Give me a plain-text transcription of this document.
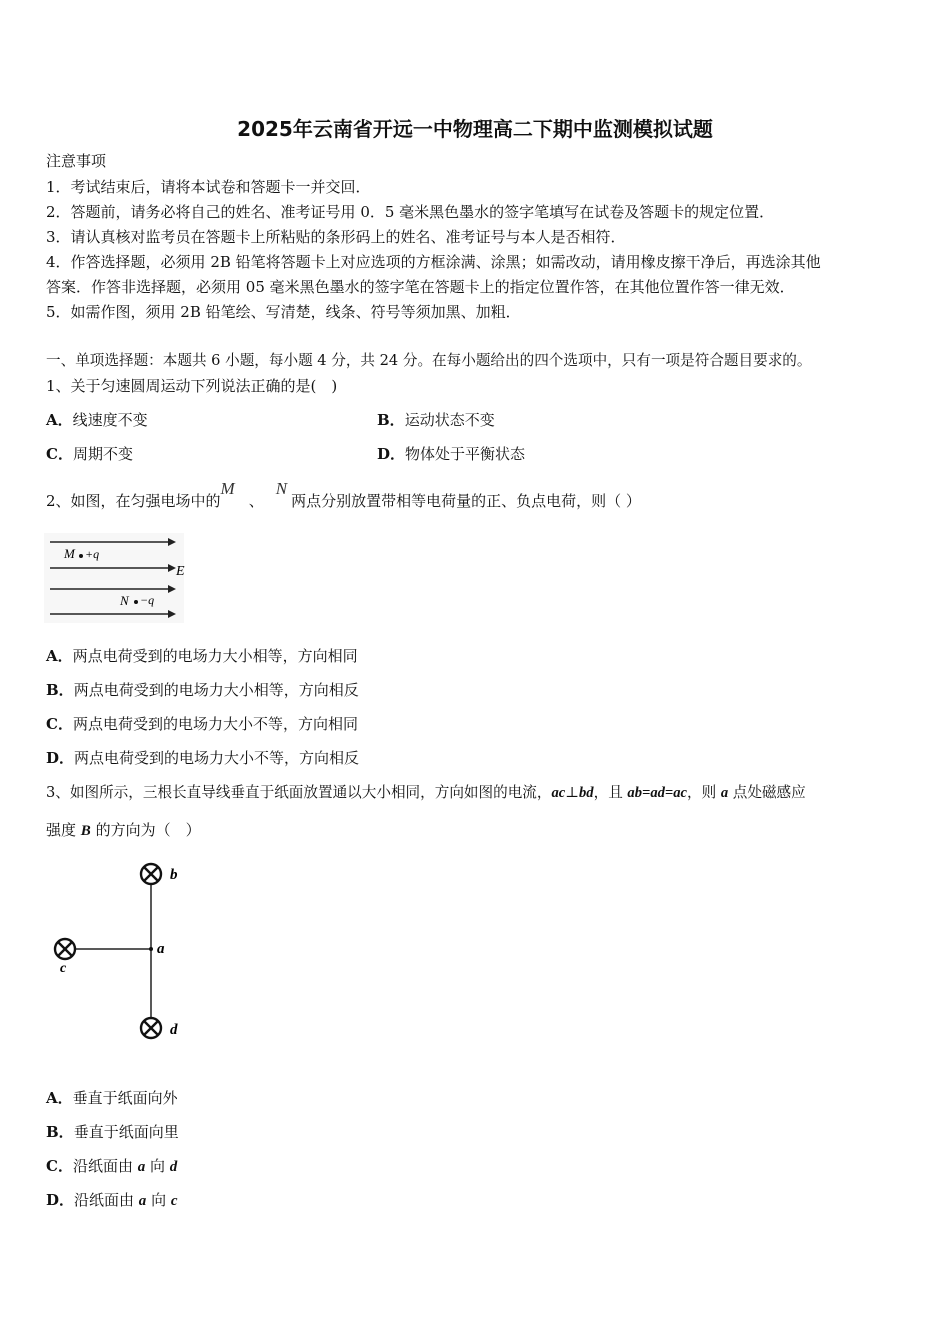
2025年云南省开远一中物理高二下期中监测模拟试题
注意事项
1．考试结束后，请将本试卷和答题卡一并交回．
2．答题前，请务必将自己的姓名、准考证号用 0．5 毫米黑色墨水的签字笔填写在试卷及答题卡的规定位置．
3．请认真核对监考员在答题卡上所粘贴的条形码上的姓名、准考证号与本人是否相符．
4．作答选择题，必须用 2B 铅笔将答题卡上对应选项的方框涂满、涂黑；如需改动，请用橡皮擦干净后，再选涂其他
答案．作答非选择题，必须用 05 毫米黑色墨水的签字笔在答题卡上的指定位置作答，在其他位置作答一律无效．
5．如需作图，须用 2B 铅笔绘、写清楚，线条、符号等须加黑、加粗．
一、单项选择题：本题共 6 小题，每小题 4 分，共 24 分。在每小题给出的四个选项中，只有一项是符合题目要求的。
1、关于匀速圆周运动下列说法正确的是(　)
A．线速度不变	B．运动状态不变
C．周期不变	D．物体处于平衡状态
2、如图，在匀强电场中的M、N两点分别放置带相等电荷量的正、负点电荷，则（ ）
M +q
E
N −q
A．两点电荷受到的电场力大小相等，方向相同
B．两点电荷受到的电场力大小相等，方向相反
C．两点电荷受到的电场力大小不等，方向相同
D．两点电荷受到的电场力大小不等，方向相反
3、如图所示，三根长直导线垂直于纸面放置通以大小相同，方向如图的电流，ac⊥bd，且 ab=ad=ac，则 a 点处磁感应
强度 B 的方向为（　）
b
a
c
d
A．垂直于纸面向外
B．垂直于纸面向里
C．沿纸面由 a 向 d
D．沿纸面由 a 向 c
